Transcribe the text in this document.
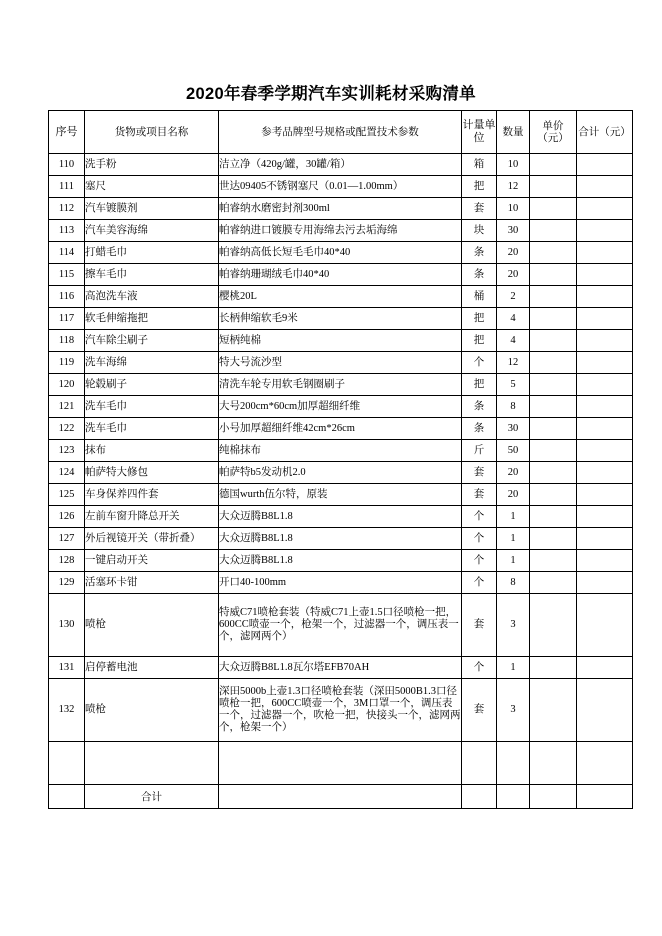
2020年春季学期汽车实训耗材采购清单
序号	货物或项目名称	参考品牌型号规格或配置技术参数	计量单位	数量	单价（元）	合计（元）
110	洗手粉	洁立净（420g/罐，30罐/箱）	箱	10		
111	塞尺	世达09405不锈钢塞尺（0.01—1.00mm）	把	12		
112	汽车镀膜剂	帕睿纳水磨密封剂300ml	套	10		
113	汽车美容海绵	帕睿纳进口镀膜专用海绵去污去垢海绵	块	30		
114	打蜡毛巾	帕睿纳高低长短毛毛巾40*40	条	20		
115	擦车毛巾	帕睿纳珊瑚绒毛巾40*40	条	20		
116	高泡洗车液	樱桃20L	桶	2		
117	软毛伸缩拖把	长柄伸缩软毛9米	把	4		
118	汽车除尘刷子	短柄纯棉	把	4		
119	洗车海绵	特大号流沙型	个	12		
120	轮毂刷子	清洗车轮专用软毛钢圈刷子	把	5		
121	洗车毛巾	大号200cm*60cm加厚超细纤维	条	8		
122	洗车毛巾	小号加厚超细纤维42cm*26cm	条	30		
123	抹布	纯棉抹布	斤	50		
124	帕萨特大修包	帕萨特b5发动机2.0	套	20		
125	车身保养四件套	德国wurth伍尔特，原装	套	20		
126	左前车窗升降总开关	大众迈腾B8L1.8	个	1		
127	外后视镜开关（带折叠）	大众迈腾B8L1.8	个	1		
128	一键启动开关	大众迈腾B8L1.8	个	1		
129	活塞环卡钳	开口40-100mm	个	8		
130	喷枪	特威C71喷枪套装（特威C71上壶1.5口径喷枪一把，600CC喷壶一个，枪架一个，过滤器一个，调压表一个，滤网两个）	套	3		
131	启停蓄电池	大众迈腾B8L1.8瓦尔塔EFB70AH	个	1		
132	喷枪	深田5000b上壶1.3口径喷枪套装（深田5000B1.3口径喷枪一把，600CC喷壶一个，3M口罩一个，调压表一个，过滤器一个，吹枪一把，快接头一个，滤网两个，枪架一个）	套	3		

	合计					
